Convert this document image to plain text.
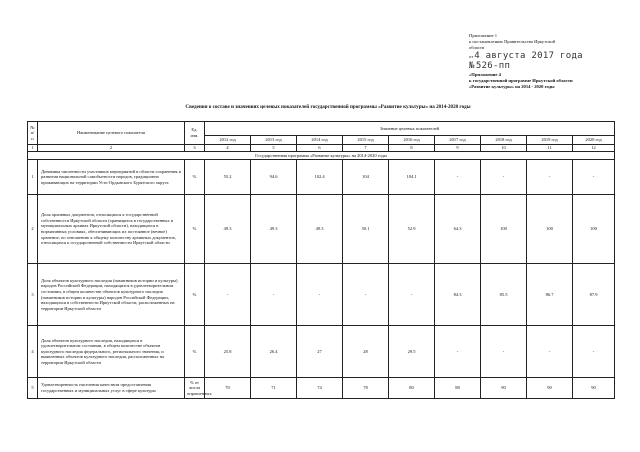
Приложение 1
к постановлению Правительства Иркутской
области
от4 августа 2017 года
№ 526-пп
«Приложение 4
к государственной программе Иркутской области
«Развитие культуры» на 2014 - 2020 годы
Сведения о составе и значениях целевых показателей государственной программы «Развитие культуры» на 2014-2020 годы
№ п/п	Наименование целевого показателя	Ед. изм.	Значение целевых показателей								
			2012 год	2013 год	2014 год	2015 год	2016 год	2017 год	2018 год	2019 год	2020 год
1	2	3	4	5	6	7	8	9	10	11	12
Государственная программа «Развитие культуры» на 2014-2020 годы											
1	Динамика численности участников мероприятий в области сохранения и развития национальной самобытности народов, традиционно проживающих на территории Усть-Ордынского Бурятского округа	%	55.2	94.6	102.4	104	104.1	-	-	-	-
2	Доля архивных документов, относящихся к государственной собственности Иркутской области (хранящихся в государственных и муниципальных архивах Иркутской области), находящихся в нормативных условиях, обеспечивающих их постоянное (вечное) хранение, по отношению к общему количеству архивных документов, относящихся к государственной собственности Иркутской области	%	49.3	49.3	49.3	50.1	52.9	64.3	100	100	100
3	Доля объектов культурного наследия (памятников истории и культуры) народов Российской Федерации, находящихся в удовлетворительном состоянии, в общем количестве объектов культурного наследия (памятников истории и культуры) народов Российской Федерации, находящихся в собственности Иркутской области, расположенных на территории Иркутской области	%	-	-	-	-	-	84.3	85.5	86.7	87.9
4	Доля объектов культурного наследия, находящихся в удовлетворительном состоянии, в общем количестве объектов культурного наследия федерального, регионального значения, и выявленных объектов культурного наследия, расположенных на территории Иркутской области	%	25.8	26.4	27	28	29.5	-	-	-	-
5	Удовлетворенность населения качеством предоставления государственных и муниципальных услуг в сфере культуры	% от числа опрошенных	70	71	74	78	80	88	90	90	90
